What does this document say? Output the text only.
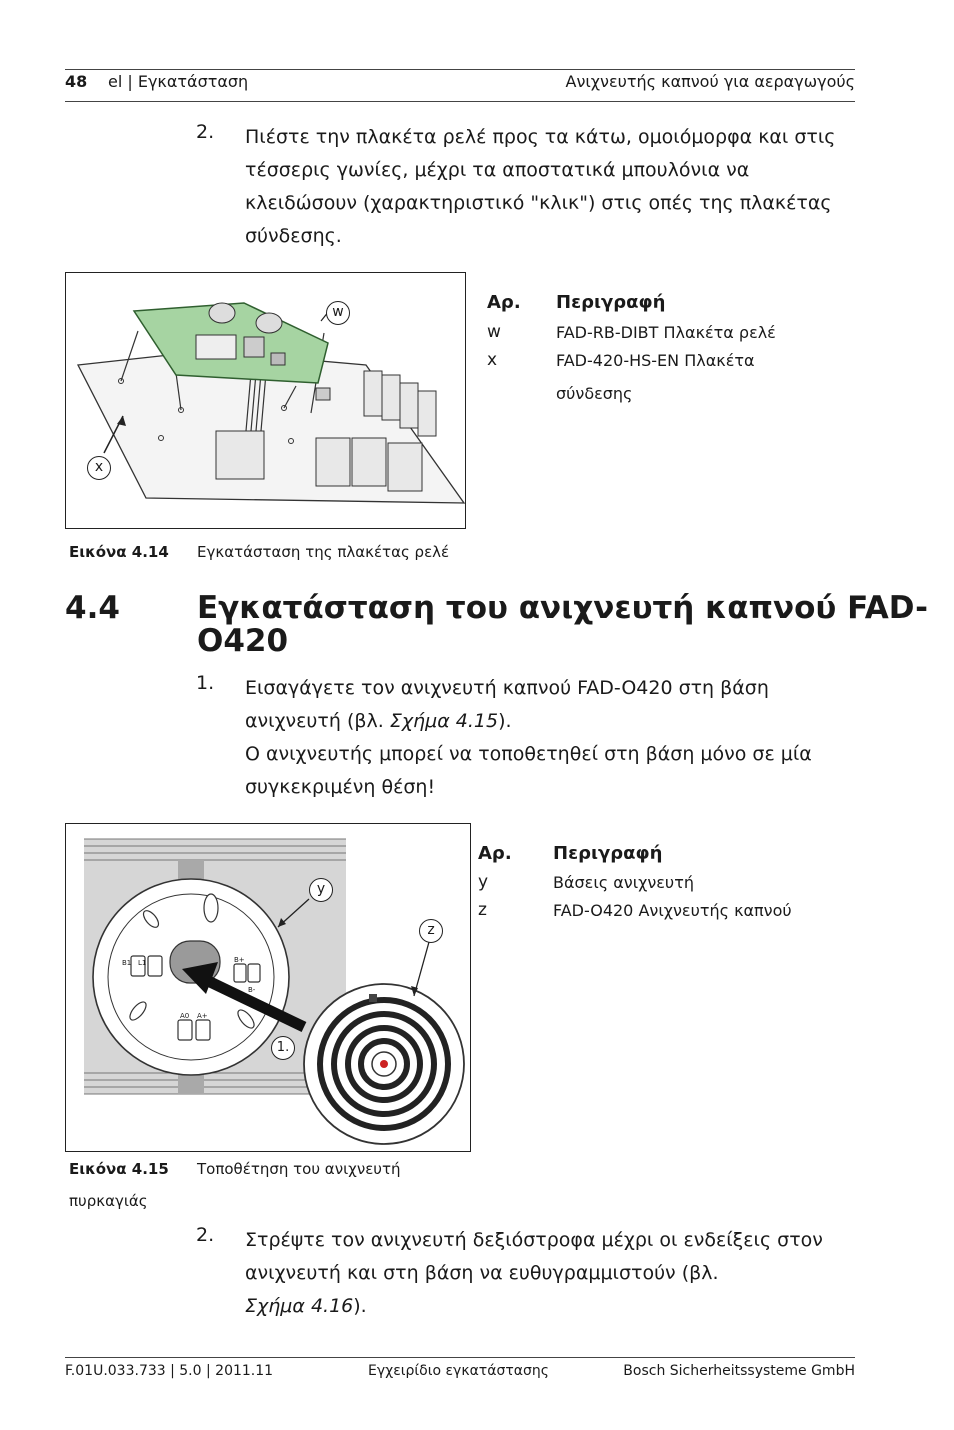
48 el | Εγκατάσταση	Ανιχνευτής καπνού για αεραγωγούς
2. Πιέστε την πλακέτα ρελέ προς τα κάτω, ομοιόμορφα και στις
τέσσερις γωνίες, μέχρι τα αποστατικά μπουλόνια να
κλειδώσουν (χαρακτηριστικό "κλικ") στις οπές της πλακέτας
σύνδεσης.
w
x
Αρ. Περιγραφή
w	FAD-RB-DIBT Πλακέτα ρελέ
x	FAD-420-HS-EN Πλακέτα
σύνδεσης
Εικόνα 4.14 Εγκατάσταση της πλακέτας ρελέ
4.4 Εγκατάσταση του ανιχνευτή καπνού FAD-
O420
1. Εισαγάγετε τον ανιχνευτή καπνού FAD-O420 στη βάση
ανιχνευτή (βλ. Σχήμα 4.15).
Ο ανιχνευτής μπορεί να τοποθετηθεί στη βάση μόνο σε μία
συγκεκριμένη θέση!
B1 L1
A0 A+
B+
B-
y
z
1.
Αρ. Περιγραφή
y	Βάσεις ανιχνευτή
z	FAD-O420 Ανιχνευτής καπνού
Εικόνα 4.15 Τοποθέτηση του ανιχνευτή
πυρκαγιάς
2. Στρέψτε τον ανιχνευτή δεξιόστροφα μέχρι οι ενδείξεις στον
ανιχνευτή και στη βάση να ευθυγραμμιστούν (βλ.
Σχήμα 4.16).
F.01U.033.733 | 5.0 | 2011.11	Εγχειρίδιο εγκατάστασης	Bosch Sicherheitssysteme GmbH
